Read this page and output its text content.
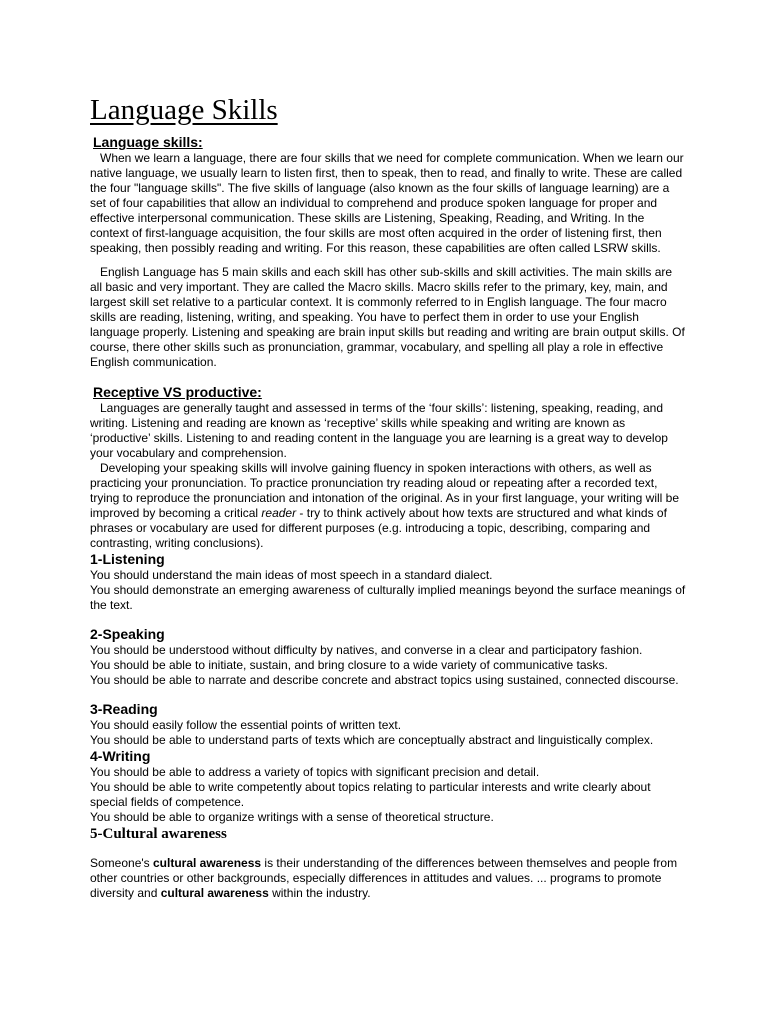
Language Skills
Language skills:

When we learn a language, there are four skills that we need for complete communication. When we learn our native language, we usually learn to listen first, then to speak, then to read, and finally to write. These are called the four "language skills". The five skills of language (also known as the four skills of language learning) are a set of four capabilities that allow an individual to comprehend and produce spoken language for proper and effective interpersonal communication. These skills are Listening, Speaking, Reading, and Writing. In the context of first-language acquisition, the four skills are most often acquired in the order of listening first, then speaking, then possibly reading and writing. For this reason, these capabilities are often called LSRW skills.

English Language has 5 main skills and each skill has other sub-skills and skill activities. The main skills are all basic and very important. They are called the Macro skills. Macro skills refer to the primary, key, main, and largest skill set relative to a particular context. It is commonly referred to in English language. The four macro skills are reading, listening, writing, and speaking. You have to perfect them in order to use your English language properly. Listening and speaking are brain input skills but reading and writing are brain output skills. Of course, there other skills such as pronunciation, grammar, vocabulary, and spelling all play a role in effective English communication.

Receptive VS productive:

Languages are generally taught and assessed in terms of the ‘four skills’: listening, speaking, reading, and writing. Listening and reading are known as ‘receptive’ skills while speaking and writing are known as ‘productive’ skills. Listening to and reading content in the language you are learning is a great way to develop your vocabulary and comprehension.

Developing your speaking skills will involve gaining fluency in spoken interactions with others, as well as practicing your pronunciation. To practice pronunciation try reading aloud or repeating after a recorded text, trying to reproduce the pronunciation and intonation of the original. As in your first language, your writing will be improved by becoming a critical reader - try to think actively about how texts are structured and what kinds of phrases or vocabulary are used for different purposes (e.g. introducing a topic, describing, comparing and contrasting, writing conclusions).

1-Listening

You should understand the main ideas of most speech in a standard dialect.

You should demonstrate an emerging awareness of culturally implied meanings beyond the surface meanings of the text.

2-Speaking

You should be understood without difficulty by natives, and converse in a clear and participatory fashion.

You should be able to initiate, sustain, and bring closure to a wide variety of communicative tasks.

You should be able to narrate and describe concrete and abstract topics using sustained, connected discourse.

3-Reading

You should easily follow the essential points of written text.

You should be able to understand parts of texts which are conceptually abstract and linguistically complex.

4-Writing

You should be able to address a variety of topics with significant precision and detail.

You should be able to write competently about topics relating to particular interests and write clearly about special fields of competence.

You should be able to organize writings with a sense of theoretical structure.

5-Cultural awareness

Someone's cultural awareness is their understanding of the differences between themselves and people from other countries or other backgrounds, especially differences in attitudes and values. ... programs to promote diversity and cultural awareness within the industry.
